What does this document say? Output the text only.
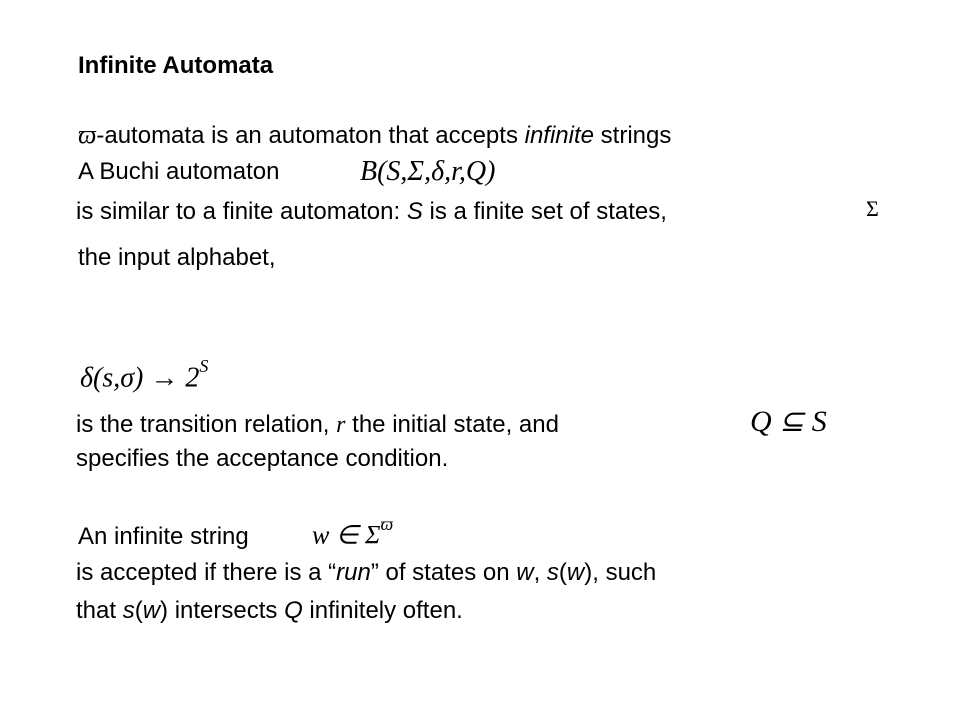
Infinite Automata
ϖ-automata is an automaton that accepts infinite strings
A Buchi automaton	B(S,Σ,δ,r,Q)
is similar to a finite automaton: S is a finite set of states,	Σ
the input alphabet,
$\delta(s,\sigma) \to 2^S$
is the transition relation, r the initial state, and	Q ⊆ S
specifies the acceptance condition.
An infinite string w ∈ $\Sigma^ϖ$
is accepted if there is a “run” of states on w, s(w), such
that s(w) intersects Q infinitely often.
